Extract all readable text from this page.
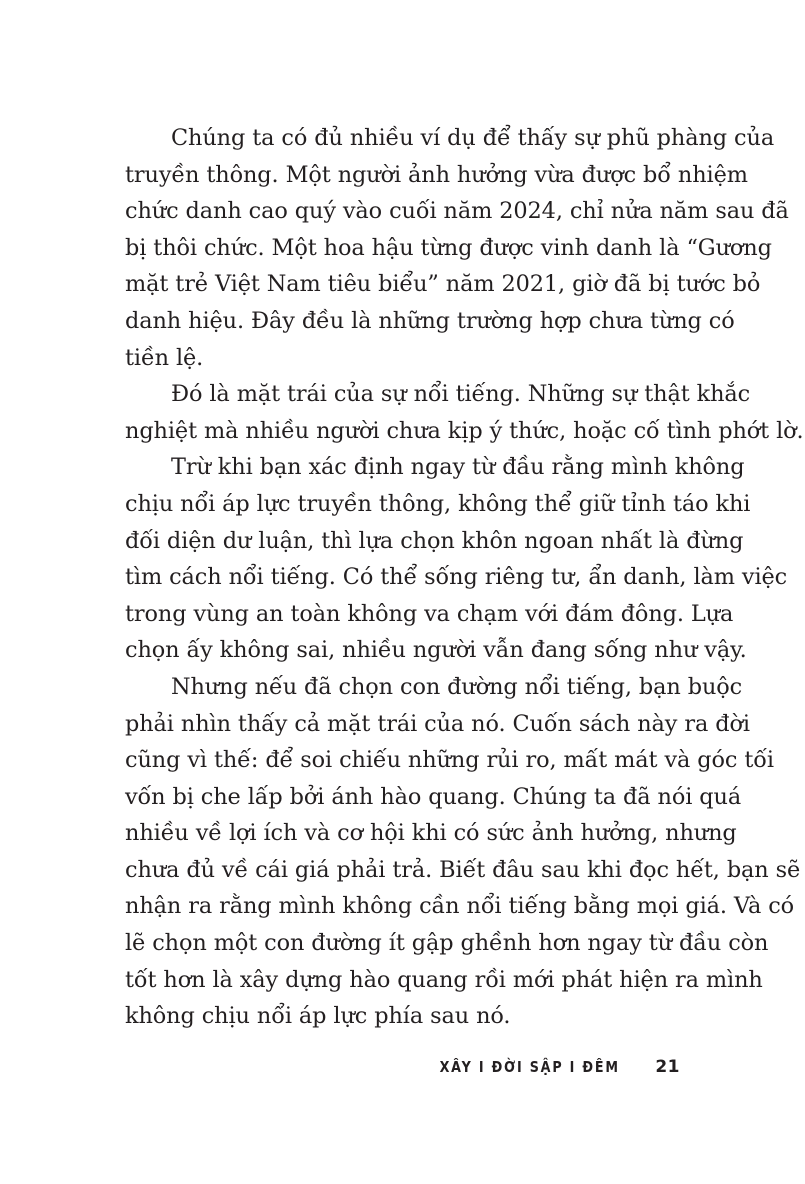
Chúng ta có đủ nhiều ví dụ để thấy sự phũ phàng của
truyền thông. Một người ảnh hưởng vừa được bổ nhiệm
chức danh cao quý vào cuối năm 2024, chỉ nửa năm sau đã
bị thôi chức. Một hoa hậu từng được vinh danh là “Gương
mặt trẻ Việt Nam tiêu biểu” năm 2021, giờ đã bị tước bỏ
danh hiệu. Đây đều là những trường hợp chưa từng có
tiền lệ.

Đó là mặt trái của sự nổi tiếng. Những sự thật khắc
nghiệt mà nhiều người chưa kịp ý thức, hoặc cố tình phớt lờ.

Trừ khi bạn xác định ngay từ đầu rằng mình không
chịu nổi áp lực truyền thông, không thể giữ tỉnh táo khi
đối diện dư luận, thì lựa chọn khôn ngoan nhất là đừng
tìm cách nổi tiếng. Có thể sống riêng tư, ẩn danh, làm việc
trong vùng an toàn không va chạm với đám đông. Lựa
chọn ấy không sai, nhiều người vẫn đang sống như vậy.

Nhưng nếu đã chọn con đường nổi tiếng, bạn buộc
phải nhìn thấy cả mặt trái của nó. Cuốn sách này ra đời
cũng vì thế: để soi chiếu những rủi ro, mất mát và góc tối
vốn bị che lấp bởi ánh hào quang. Chúng ta đã nói quá
nhiều về lợi ích và cơ hội khi có sức ảnh hưởng, nhưng
chưa đủ về cái giá phải trả. Biết đâu sau khi đọc hết, bạn sẽ
nhận ra rằng mình không cần nổi tiếng bằng mọi giá. Và có
lẽ chọn một con đường ít gập ghềnh hơn ngay từ đầu còn
tốt hơn là xây dựng hào quang rồi mới phát hiện ra mình
không chịu nổi áp lực phía sau nó.

XÂY I ĐỜI SẬP I ĐÊM 21
